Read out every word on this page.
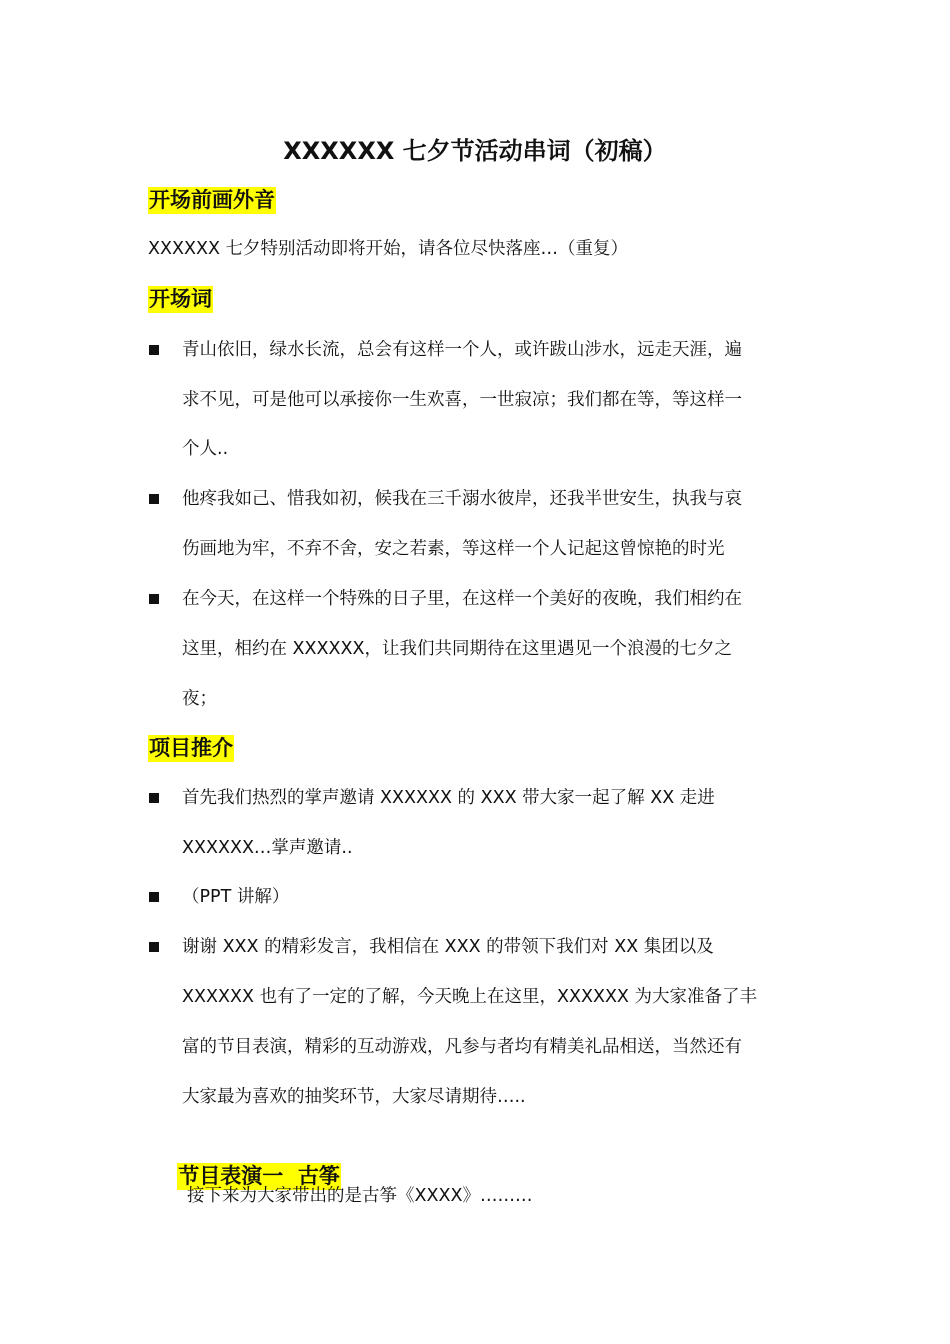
XXXXXX 七夕节活动串词（初稿）
开场前画外音
XXXXXX 七夕特别活动即将开始，请各位尽快落座…（重复）
开场词
青山依旧，绿水长流，总会有这样一个人，或许跋山涉水，远走天涯，遍
求不见，可是他可以承接你一生欢喜，一世寂凉；我们都在等，等这样一
个人..
他疼我如己、惜我如初，候我在三千溺水彼岸，还我半世安生，执我与哀
伤画地为牢，不弃不舍，安之若素，等这样一个人记起这曾惊艳的时光
在今天，在这样一个特殊的日子里，在这样一个美好的夜晚，我们相约在
这里，相约在 XXXXXX，让我们共同期待在这里遇见一个浪漫的七夕之
夜；
项目推介
首先我们热烈的掌声邀请 XXXXXX 的 XXX 带大家一起了解 XX 走进
XXXXXX…掌声邀请..
（PPT 讲解）
谢谢 XXX 的精彩发言，我相信在 XXX 的带领下我们对 XX 集团以及
XXXXXX 也有了一定的了解，今天晚上在这里，XXXXXX 为大家准备了丰
富的节目表演，精彩的互动游戏，凡参与者均有精美礼品相送，当然还有
大家最为喜欢的抽奖环节，大家尽请期待…..

节目表演一  古筝

接下来为大家带出的是古筝《XXXX》………
